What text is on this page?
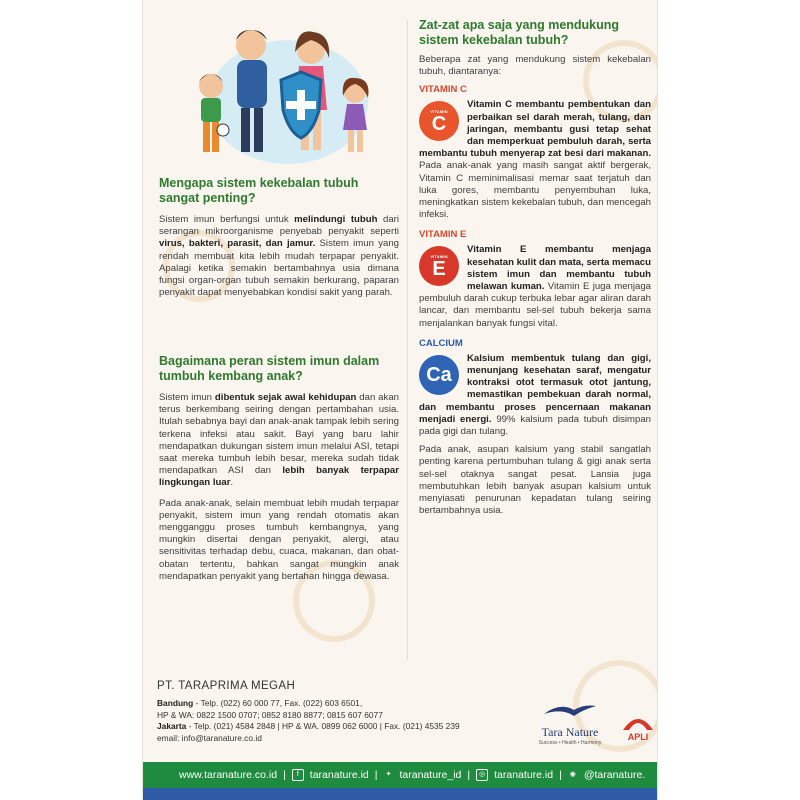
Mengapa sistem kekebalan tubuh sangat penting?
Sistem imun berfungsi untuk melindungi tubuh dari serangan mikroorganisme penyebab penyakit seperti virus, bakteri, parasit, dan jamur. Sistem imun yang rendah membuat kita lebih mudah terpapar penyakit. Apalagi ketika semakin bertambahnya usia dimana fungsi organ-organ tubuh semakin berkurang, paparan penyakit dapat menyebabkan kondisi sakit yang parah.
Bagaimana peran sistem imun dalam tumbuh kembang anak?
Sistem imun dibentuk sejak awal kehidupan dan akan terus berkembang seiring dengan pertambahan usia. Itulah sebabnya bayi dan anak-anak tampak lebih sering terkena infeksi atau sakit. Bayi yang baru lahir mendapatkan dukungan sistem imun melalui ASI, tetapi saat mereka tumbuh lebih besar, mereka sudah tidak mendapatkan ASI dan lebih banyak terpapar lingkungan luar.
Pada anak-anak, selain membuat lebih mudah terpapar penyakit, sistem imun yang rendah otomatis akan mengganggu proses tumbuh kembangnya, yang mungkin disertai dengan penyakit, alergi, atau sensitivitas terhadap debu, cuaca, makanan, dan obat-obatan tertentu, bahkan sangat mungkin anak mendapatkan penyakit yang bertahan hingga dewasa.
Zat-zat apa saja yang mendukung sistem kekebalan tubuh?
Beberapa zat yang mendukung sistem kekebalan tubuh, diantaranya:
VITAMIN C
VITAMIN
C
Vitamin C membantu pembentukan dan perbaikan sel darah merah, tulang, dan jaringan, membantu gusi tetap sehat dan memperkuat pembuluh darah, serta membantu tubuh menyerap zat besi dari makanan. Pada anak-anak yang masih sangat aktif bergerak, Vitamin C meminimalisasi memar saat terjatuh dan luka gores, membantu penyembuhan luka, meningkatkan sistem kekebalan tubuh, dan mencegah infeksi.
VITAMIN E
VITAMIN
E
Vitamin E membantu menjaga kesehatan kulit dan mata, serta memacu sistem imun dan membantu tubuh melawan kuman. Vitamin E juga menjaga pembuluh darah cukup terbuka lebar agar aliran darah lancar, dan membantu sel-sel tubuh bekerja sama menjalankan banyak fungsi vital.
CALCIUM
Ca
Kalsium membentuk tulang dan gigi, menunjang kesehatan saraf, mengatur kontraksi otot termasuk otot jantung, memastikan pembekuan darah normal, dan membantu proses pencernaan makanan menjadi energi. 99% kalsium pada tubuh disimpan pada gigi dan tulang.
Pada anak, asupan kalsium yang stabil sangatlah penting karena pertumbuhan tulang & gigi anak serta sel-sel otaknya sangat pesat. Lansia juga membutuhkan lebih banyak asupan kalsium untuk menyiasati penurunan kepadatan tulang seiring bertambahnya usia.
PT. TARAPRIMA MEGAH
Bandung - Telp. (022) 60 000 77, Fax. (022) 603 6501,
HP & WA: 0822 1500 0707; 0852 8180 8877; 0815 607 6077
Jakarta - Telp. (021) 4584 2848 | HP & WA. 0899 062 6000 | Fax. (021) 4535 239
email: info@taranature.co.id	Tara Nature
Success • Health • Harmony
APLI
www.taranature.co.id |	f	taranature.id | ✦ taranature_id |	◎ taranature.id | ◉ @taranature.
